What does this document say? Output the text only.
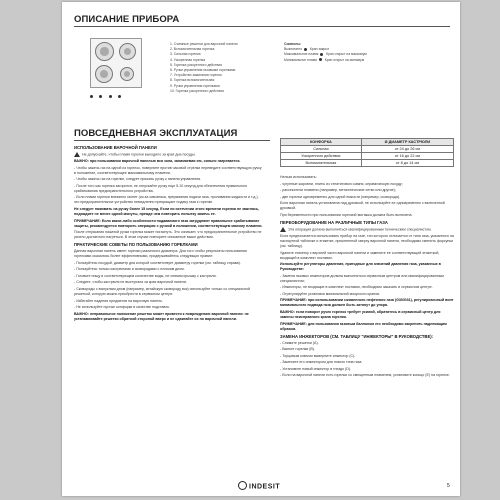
ОПИСАНИЕ ПРИБОРА

1. Съемные решетки для варочной панели
2. Вспомогательная горелка
3. Сильная горелка
4. Ускоренная горелка
5. Горелка ускоренного действия
6. Ручки управления газовыми горелками
7. Устройство зажигания горелок
8. Горелка вспомогательная
9. Ручки управления горелками
10. Горелка ускоренного действия
Символы:
Выключено Кран закрыт
Максимальное пламя Кран открыт на максимум
Минимальное пламя Кран открыт на минимум
ПОВСЕДНЕВНАЯ ЭКСПЛУАТАЦИЯ
ИСПОЛЬЗОВАНИЕ ВАРОЧНОЙ ПАНЕЛИ

Не допускайте, чтобы пламя горелки выходило за края дна посуды.

ВАЖНО: при пользовании варочной панелью вся зона, занимаемая ею, сильно нагревается.

- Чтобы зажечь газ на одной из горелок, поверните против часовой стрелки переведите соответствующую ручку в положение, соответствующее максимальному пламени.

- Чтобы зажечь газ на горелке, следует прижать ручку к панели управления.

- После того как горелка загорится, не отпускайте ручку еще 5-10 секунд для обеспечения правильного срабатывания предохранительного устройства.

- Если пламя горелки внезапно гаснет (из-за сквозняка, прерывания подачи газа, проливания жидкости и т.д.), это предохранительное устройство немедленно прекращает подачу газа к горелке.

Не следует нажимать на ручку более 15 секунд. Если по истечении этого времени горелка не зажглась, подождите не менее одной минуты, прежде чем повторить попытку зажечь ее.

ПРИМЕЧАНИЕ: Если какие-либо особенности подаваемого газа затрудняют правильное срабатывание защиты, рекомендуется повторить операцию с ручкой в положении, соответствующем малому пламени.

После отпускания нажатой ручки горелка может погаснуть. Это означает, что предохранительное устройство не успело достаточно нагреться. В этом случае повторите описанные выше действия.

ПРАКТИЧЕСКИЕ СОВЕТЫ ПО ПОЛЬЗОВАНИЮ ГОРЕЛКАМИ

Данная варочная панель имеет горелки различного диаметра. Для того чтобы результаты пользования горелками оказались более эффективными, придерживайтесь следующих правил:

- Пользуйтесь посудой, диаметр дна которой соответствует диаметру горелки (см. таблицу справа).

- Пользуйтесь только кастрюлями и сковородами с плоским дном.

- Готовьте пищу в соответствующем количестве воды, не снимая крышку с кастрюли.

- Следите, чтобы кастрюля не выступала за края варочной панели.

- Сковороды с выпуклым дном (например, китайскую сковороду вок) используйте только со специальной решеткой, которую можно приобрести в сервисном центре.

- Избегайте падения предметов на варочную панель.

- Не используйте пустые конфорки в качестве подставок.

ВАЖНО: неправильное положение решеток может привести к повреждению варочной панели: не устанавливайте решетки обратной стороной вверх и не сдвигайте их по варочной панели.

КОНФОРКА	Ø ДИАМЕТР КАСТРЮЛИ
Сильная	от 24 до 26 см
Ускоренного действия	от 16 до 22 см
Вспомогательная	от 8 до 14 см

Нельзя использовать:

- чугунные жаровни, плиты из стеатитового камня, керамическую посуду;

- рассекатели пламени (например, металлические сетки или другие);

- две горелки одновременно для одной емкости (например, сковорода).

Если варочная панель установлена над духовкой, не используйте ее одновременно с включенной духовкой.

При беременности при пользовании горелкой вытяжка должна быть включена.

ПЕРЕОБОРУДОВАНИЕ НА РАЗЛИЧНЫЕ ТИПЫ ГАЗА

Эта операция должна выполняться квалифицированным техническим специалистом.

Если предполагается использовать прибор на газе, тип которого отличается от типа газа, указанного на паспортной табличке и этикетке, приклеенной сверху варочной панели, необходимо сменить форсунки (см. таблицу).

Удалите этикетку с верхней части варочной панели и замените ее соответствующей этикеткой, входящей в комплект поставки.

Используйте регуляторы давления, пригодные для значений давления газа, указанных в Руководстве:

- Замена газовых инжекторов должна выполняться сервисным центром или квалифицированным специалистом;

- Инжекторы, не входящие в комплект поставки, необходимо заказать в сервисном центре.

- Отрегулируйте установки минимальной мощности кранов.

ПРИМЕЧАНИЕ: при использовании сжиженного нефтяного газа (G30/G31), регулировочный винт минимального подвода газа должен быть затянут до упора.

ВАЖНО: если поворот ручек горелок требует усилий, обратитесь в сервисный центр для замены неисправного крана горелки.

ПРИМЕЧАНИЕ: для пользования газовым баллоном его необходимо закрепить надлежащим образом.

ЗАМЕНА ИНЖЕКТОРОВ (СМ. ТАБЛИЦУ "ИНЖЕКТОРЫ" В РУКОВОДСТВЕ):

- Снимите решетки (A).

- Выньте горелки (B).

- Торцовым ключом выверните инжектор (C).

- Замените его инжектором для нового типа газа.

- Установите новый инжектор в гнездо (D).

- Если на варочной панели есть горелки со смещенным пламенем, установите кольцо (E) на горелке.

INDESIT	5
